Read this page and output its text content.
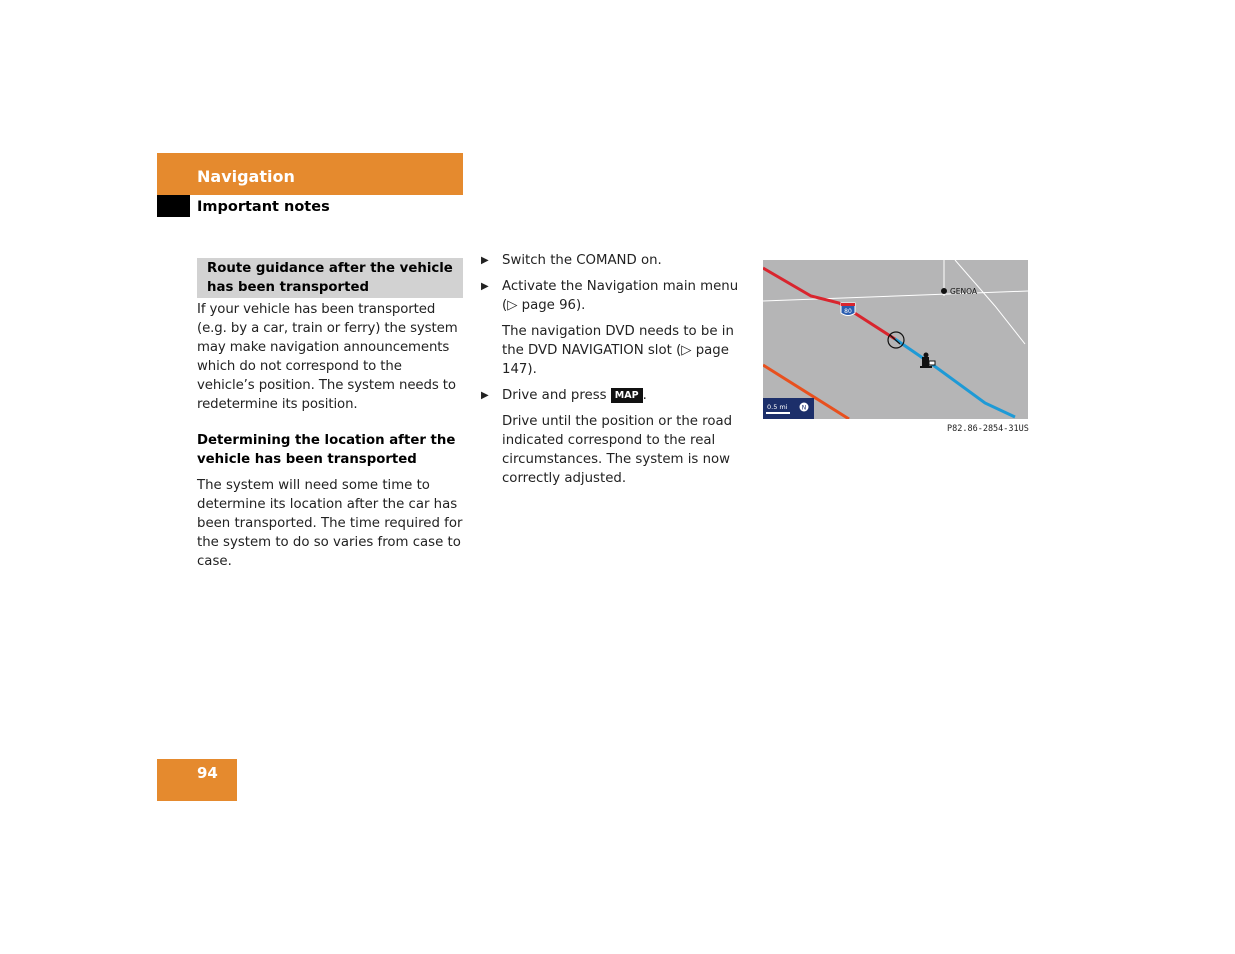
Navigation
Important notes
Route guidance after the vehicle has been transported

If your vehicle has been transported (e.g. by a car, train or ferry) the system may make navigation announcements which do not correspond to the vehicle’s position. The system needs to redetermine its position.

Determining the location after the vehicle has been transported

The system will need some time to determine its location after the car has been transported. The time required for the system to do so varies from case to case.

▶ Switch the COMAND on.
▶ Activate the Navigation main menu (▷ page 96).
The navigation DVD needs to be in the DVD NAVIGATION slot (▷ page 147).
▶ Drive and press MAP .
Drive until the position or the road indicated correspond to the real circumstances. The system is now correctly adjusted.
80
GENOA
0.5 mi N
P82.86-2854-31US
94
